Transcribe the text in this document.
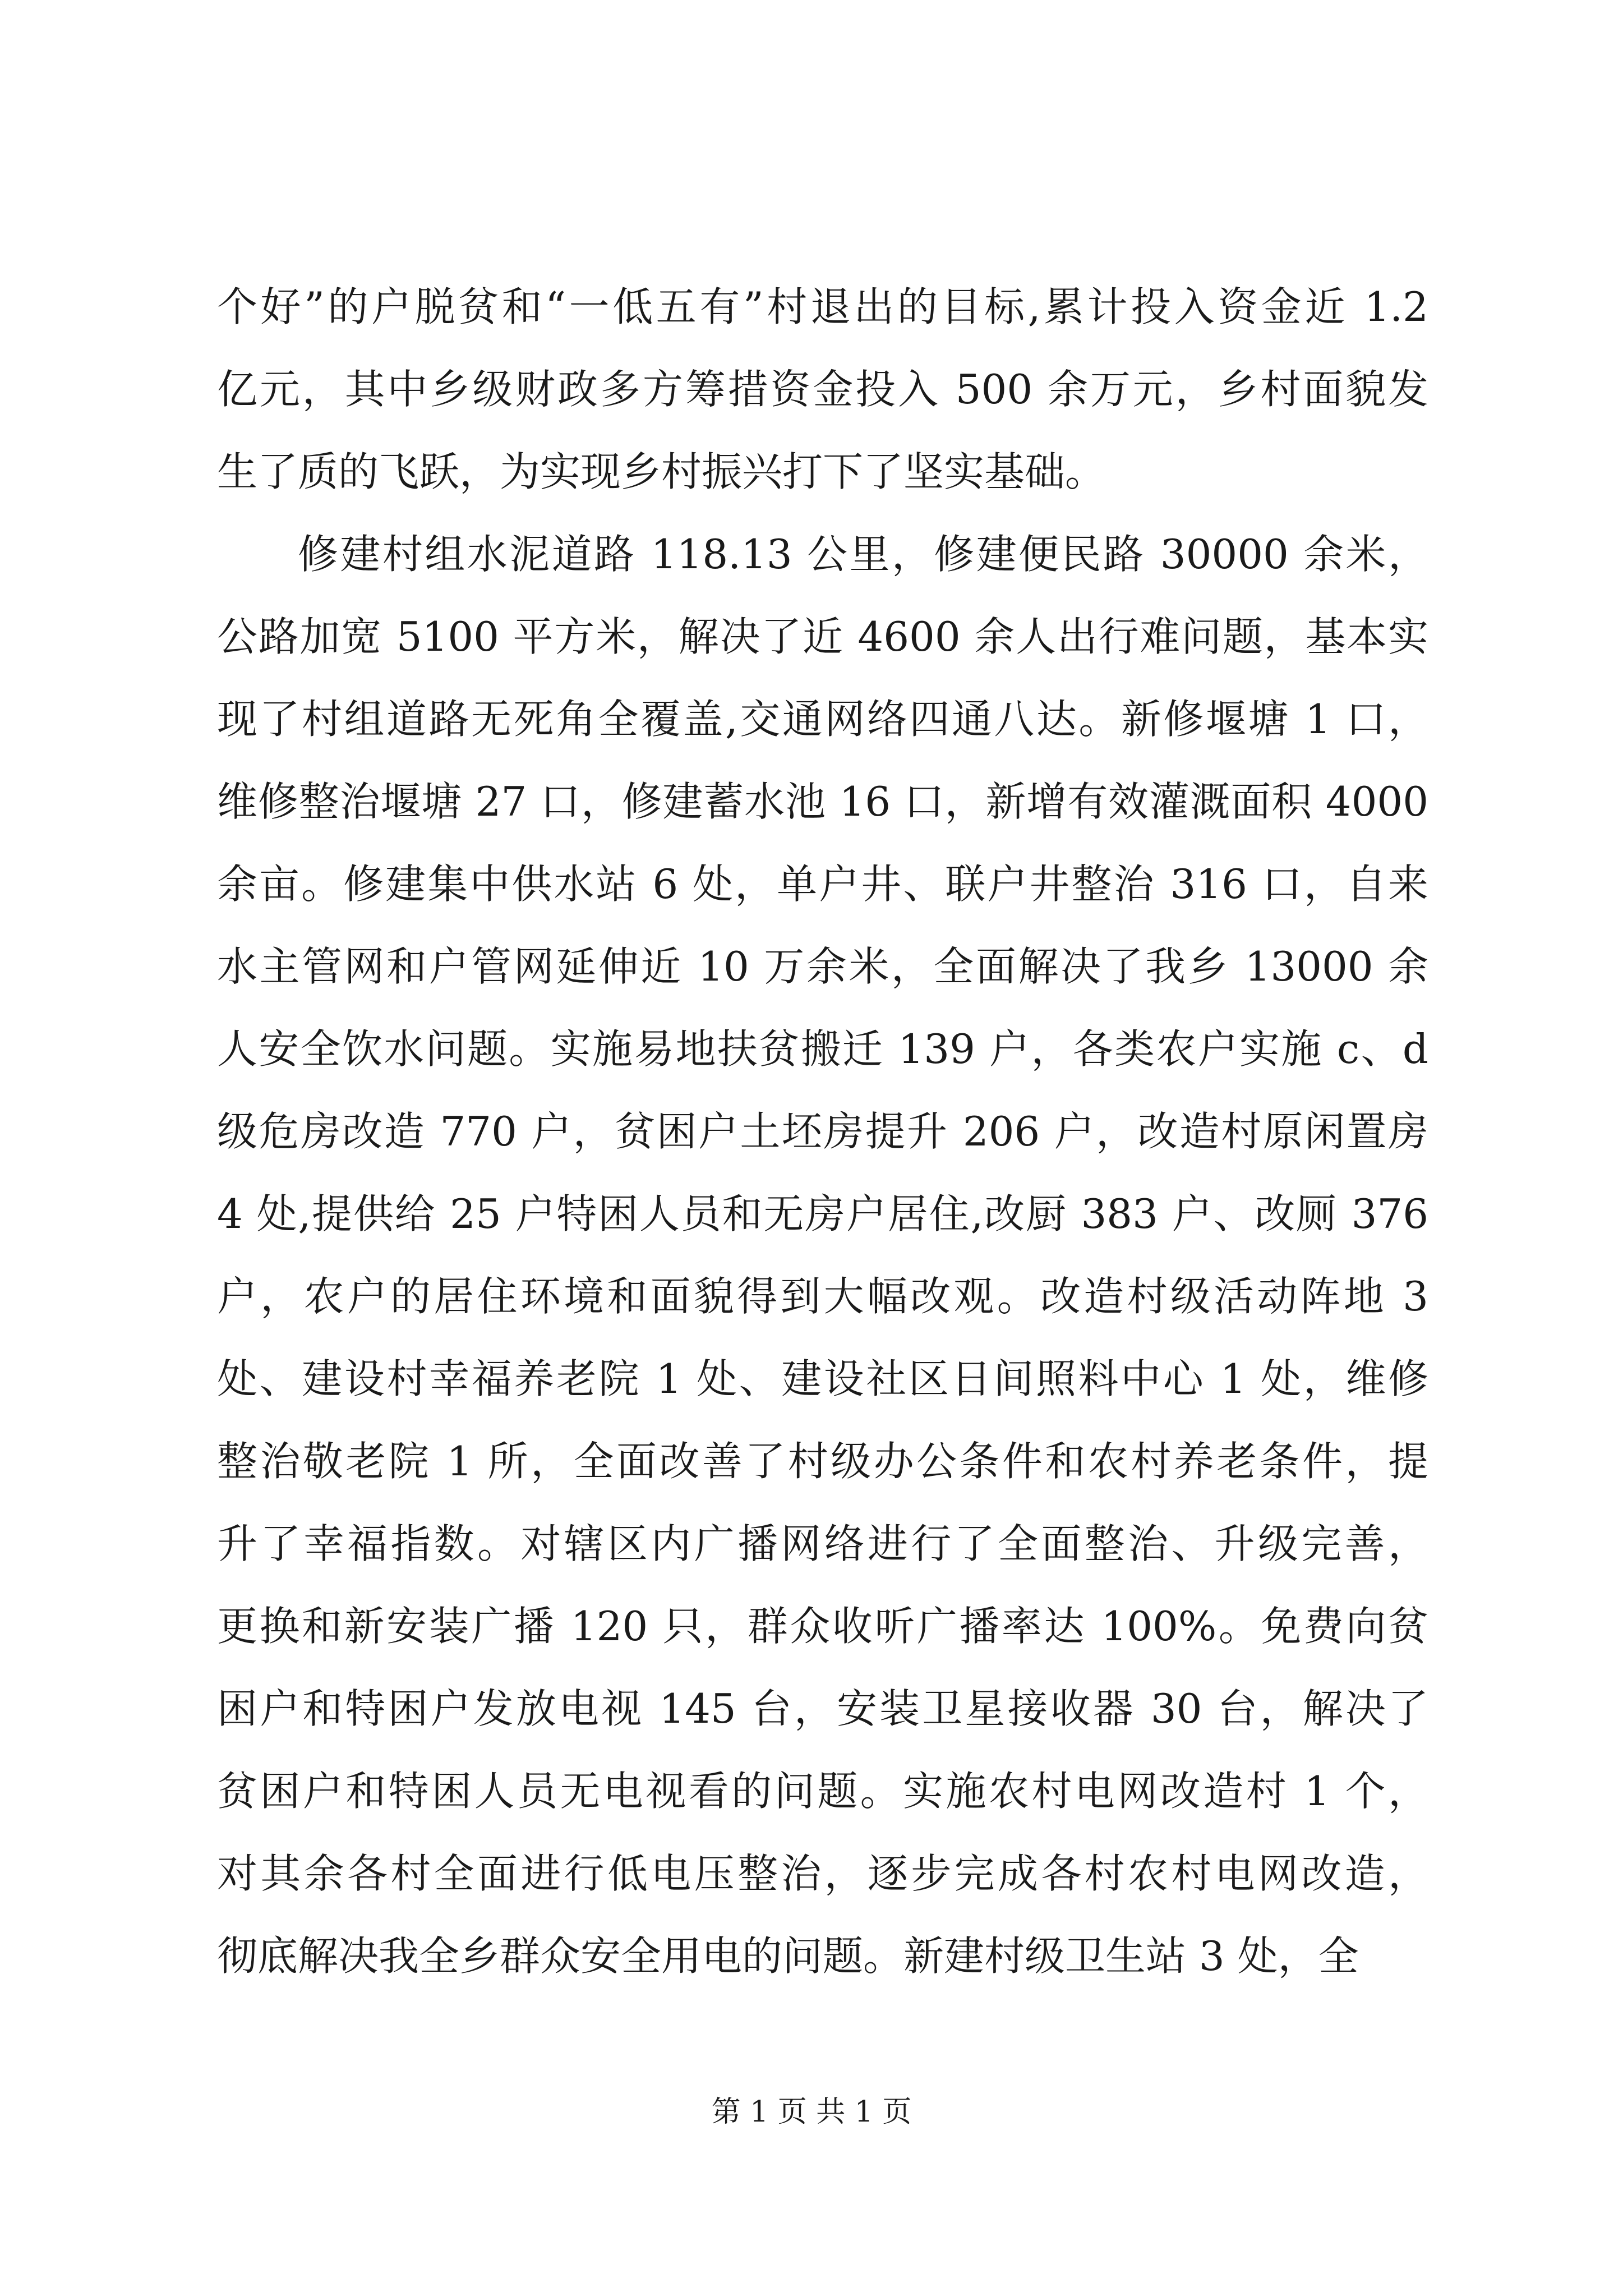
个好”的户脱贫和“一低五有”村退出的目标,累计投入资金近 1.2
亿元，其中乡级财政多方筹措资金投入 500 余万元，乡村面貌发
生了质的飞跃，为实现乡村振兴打下了坚实基础。
修建村组水泥道路 118.13 公里，修建便民路 30000 余米，
公路加宽 5100 平方米，解决了近 4600 余人出行难问题，基本实
现了村组道路无死角全覆盖,交通网络四通八达。新修堰塘 1 口，
维修整治堰塘 27 口，修建蓄水池 16 口，新增有效灌溉面积 4000
余亩。修建集中供水站 6 处，单户井、联户井整治 316 口，自来
水主管网和户管网延伸近 10 万余米，全面解决了我乡 13000 余
人安全饮水问题。实施易地扶贫搬迁 139 户，各类农户实施 c、d
级危房改造 770 户，贫困户土坯房提升 206 户，改造村原闲置房
4 处,提供给 25 户特困人员和无房户居住,改厨 383 户、改厕 376
户，农户的居住环境和面貌得到大幅改观。改造村级活动阵地 3
处、建设村幸福养老院 1 处、建设社区日间照料中心 1 处，维修
整治敬老院 1 所，全面改善了村级办公条件和农村养老条件，提
升了幸福指数。对辖区内广播网络进行了全面整治、升级完善，
更换和新安装广播 120 只，群众收听广播率达 100%。免费向贫
困户和特困户发放电视 145 台，安装卫星接收器 30 台，解决了
贫困户和特困人员无电视看的问题。实施农村电网改造村 1 个，
对其余各村全面进行低电压整治，逐步完成各村农村电网改造，
彻底解决我全乡群众安全用电的问题。新建村级卫生站 3 处，全
第 1 页 共 1 页
